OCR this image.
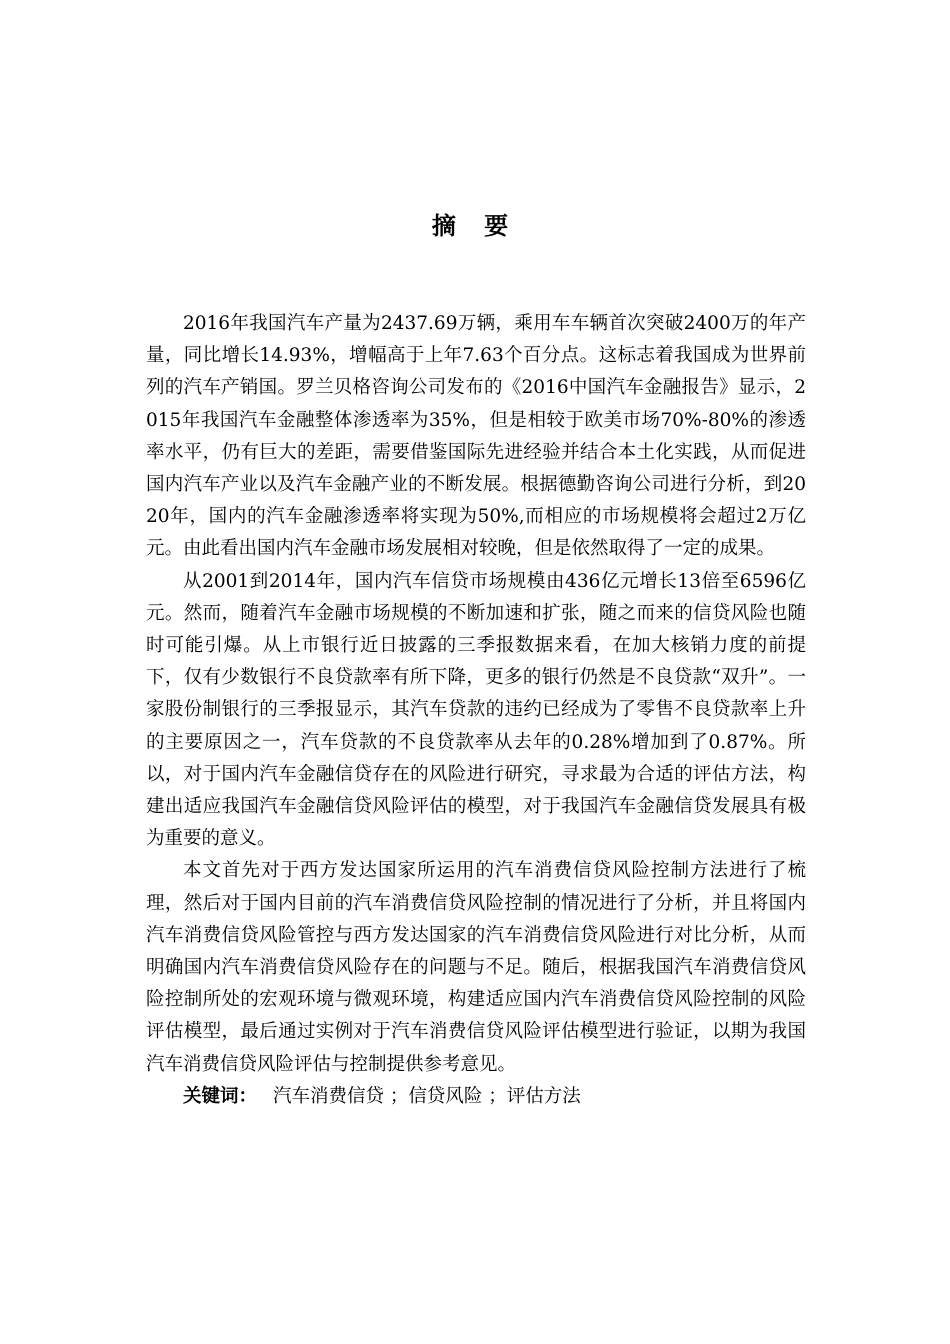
摘 要

2016年我国汽车产量为2437.69万辆，乘用车车辆首次突破2400万的年产量，同比增长14.93%，增幅高于上年7.63个百分点。这标志着我国成为世界前列的汽车产销国。罗兰贝格咨询公司发布的《2016中国汽车金融报告》显示，2015年我国汽车金融整体渗透率为35%，但是相较于欧美市场70%-80%的渗透率水平，仍有巨大的差距，需要借鉴国际先进经验并结合本土化实践，从而促进国内汽车产业以及汽车金融产业的不断发展。根据德勤咨询公司进行分析，到2020年，国内的汽车金融渗透率将实现为50%,而相应的市场规模将会超过2万亿元。由此看出国内汽车金融市场发展相对较晚，但是依然取得了一定的成果。

从2001到2014年，国内汽车信贷市场规模由436亿元增长13倍至6596亿元。然而，随着汽车金融市场规模的不断加速和扩张，随之而来的信贷风险也随时可能引爆。从上市银行近日披露的三季报数据来看，在加大核销力度的前提下，仅有少数银行不良贷款率有所下降，更多的银行仍然是不良贷款“双升”。一家股份制银行的三季报显示，其汽车贷款的违约已经成为了零售不良贷款率上升的主要原因之一，汽车贷款的不良贷款率从去年的0.28%增加到了0.87%。所以，对于国内汽车金融信贷存在的风险进行研究，寻求最为合适的评估方法，构建出适应我国汽车金融信贷风险评估的模型，对于我国汽车金融信贷发展具有极为重要的意义。

本文首先对于西方发达国家所运用的汽车消费信贷风险控制方法进行了梳理，然后对于国内目前的汽车消费信贷风险控制的情况进行了分析，并且将国内汽车消费信贷风险管控与西方发达国家的汽车消费信贷风险进行对比分析，从而明确国内汽车消费信贷风险存在的问题与不足。随后，根据我国汽车消费信贷风险控制所处的宏观环境与微观环境，构建适应国内汽车消费信贷风险控制的风险评估模型，最后通过实例对于汽车消费信贷风险评估模型进行验证，以期为我国汽车消费信贷风险评估与控制提供参考意见。

关键词： 汽车消费信贷 ；信贷风险 ；评估方法
